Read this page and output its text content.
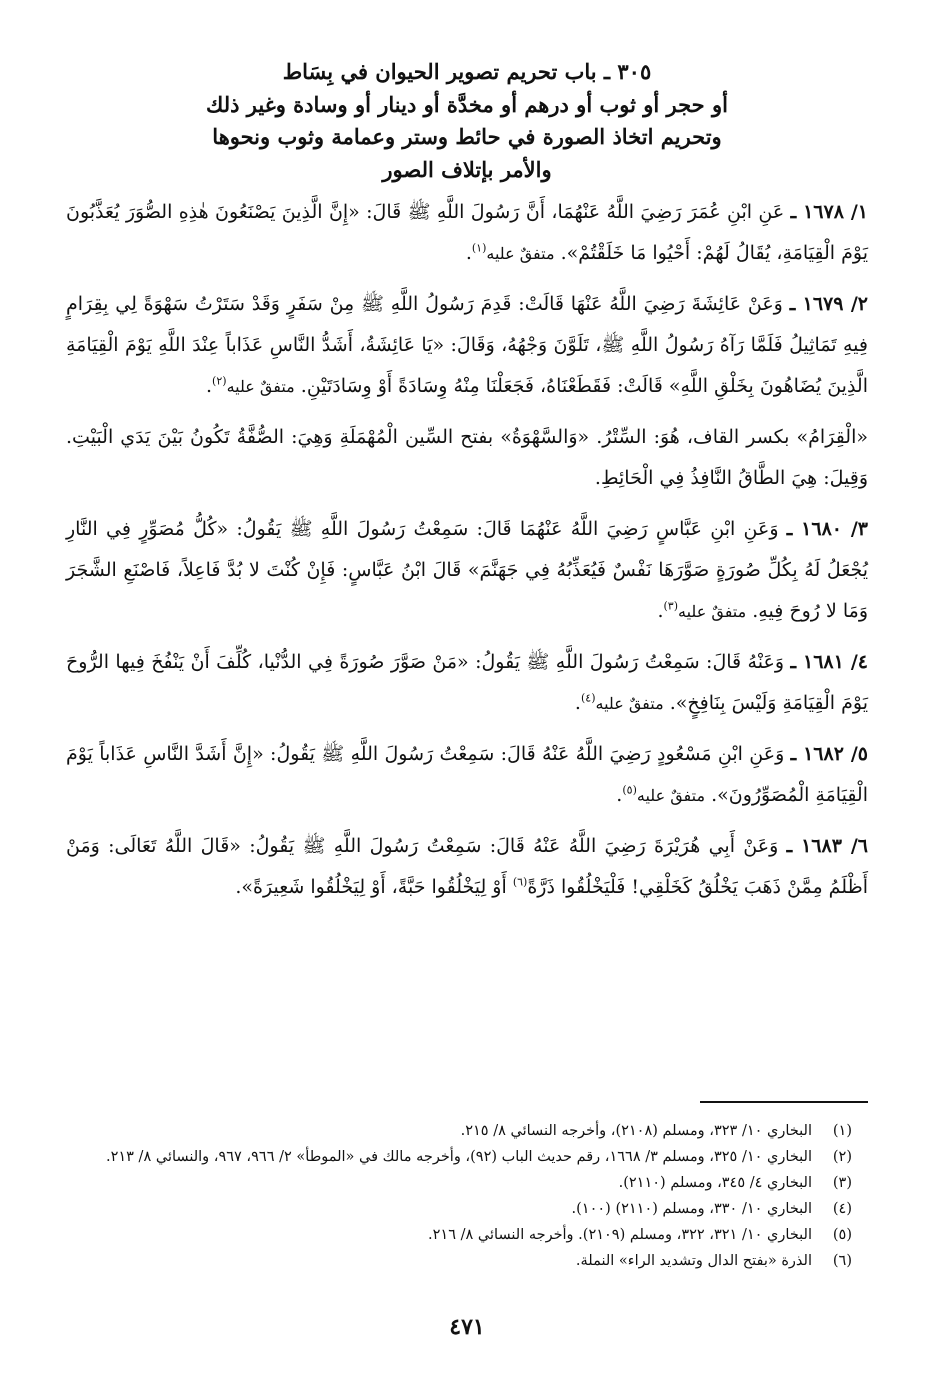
٣٠٥ ـ باب تحريم تصوير الحيوان في بِسَاط
أو حجر أو ثوب أو درهم أو مخدَّة أو دينار أو وسادة وغير ذلك
وتحريم اتخاذ الصورة في حائط وستر وعمامة وثوب ونحوها
والأمر بإتلاف الصور

١/ ١٦٧٨ ـ عَنِ ابْنِ عُمَرَ رَضِيَ اللَّهُ عَنْهُمَا، أَنَّ رَسُولَ اللَّهِ ﷺ قَالَ: «إِنَّ الَّذِينَ يَصْنَعُونَ هٰذِهِ الصُّوَرَ يُعَذَّبُونَ يَوْمَ الْقِيَامَةِ، يُقَالُ لَهُمْ: أَحْيُوا مَا خَلَقْتُمْ». متفقٌ عليه$^{(١)}$.

٢/ ١٦٧٩ ـ وَعَنْ عَائِشَةَ رَضِيَ اللَّهُ عَنْهَا قَالَتْ: قَدِمَ رَسُولُ اللَّهِ ﷺ مِنْ سَفَرٍ وَقَدْ سَتَرْتُ سَهْوَةً لِي بِقِرَامٍ فِيهِ تَمَاثِيلُ فَلَمَّا رَآهُ رَسُولُ اللَّهِ ﷺ، تَلَوَّنَ وَجْهُهُ، وَقَالَ: «يَا عَائِشَةُ، أَشَدُّ النَّاسِ عَذَاباً عِنْدَ اللَّهِ يَوْمَ الْقِيَامَةِ الَّذِينَ يُضَاهُونَ بِخَلْقِ اللَّهِ» قَالَتْ: فَقَطَعْنَاهُ، فَجَعَلْنَا مِنْهُ وِسَادَةً أَوْ وِسَادَتَيْنِ. متفقٌ عليه$^{(٢)}$.

«الْقِرَامُ» بكسر القاف، هُوَ: السِّتْرُ. «وَالسَّهْوَةُ» بفتح السِّين الْمُهْمَلَةِ وَهِيَ: الصُّفَّةُ تَكُونُ بَيْنَ يَدَي الْبَيْتِ. وَقِيلَ: هِيَ الطَّاقُ النَّافِذُ فِي الْحَائِطِ.

٣/ ١٦٨٠ ـ وَعَنِ ابْنِ عَبَّاسٍ رَضِيَ اللَّهُ عَنْهُمَا قَالَ: سَمِعْتُ رَسُولَ اللَّهِ ﷺ يَقُولُ: «كُلُّ مُصَوِّرٍ فِي النَّارِ يُجْعَلُ لَهُ بِكُلِّ صُورَةٍ صَوَّرَهَا نَفْسٌ فَيُعَذِّبُهُ فِي جَهَنَّمَ» قَالَ ابْنُ عَبَّاسٍ: فَإِنْ كُنْتَ لا بُدَّ فَاعِلاً، فَاصْنَعِ الشَّجَرَ وَمَا لا رُوحَ فِيهِ. متفقٌ عليه$^{(٣)}$.

٤/ ١٦٨١ ـ وَعَنْهُ قَالَ: سَمِعْتُ رَسُولَ اللَّهِ ﷺ يَقُولُ: «مَنْ صَوَّرَ صُورَةً فِي الدُّنْيا، كُلِّفَ أَنْ يَنْفُخَ فِيها الرُّوحَ يَوْمَ الْقِيَامَةِ وَلَيْسَ بِنَافِخٍ». متفقٌ عليه$^{(٤)}$.

٥/ ١٦٨٢ ـ وَعَنِ ابْنِ مَسْعُودٍ رَضِيَ اللَّهُ عَنْهُ قَالَ: سَمِعْتُ رَسُولَ اللَّهِ ﷺ يَقُولُ: «إِنَّ أَشَدَّ النَّاسِ عَذَاباً يَوْمَ الْقِيَامَةِ الْمُصَوِّرُونَ». متفقٌ عليه$^{(٥)}$.

٦/ ١٦٨٣ ـ وَعَنْ أَبِي هُرَيْرَةَ رَضِيَ اللَّهُ عَنْهُ قَالَ: سَمِعْتُ رَسُولَ اللَّهِ ﷺ يَقُولُ: «قَالَ اللَّهُ تَعَالَى: وَمَنْ أَظْلَمُ مِمَّنْ ذَهَبَ يَخْلُقُ كَخَلْقِي! فَلْيَخْلُقُوا ذَرَّةً$^{(٦)}$ أَوْ لِيَخْلُقُوا حَبَّةً، أَوْ لِيَخْلُقُوا شَعِيرَةً».

(١)
البخاري ١٠/ ٣٢٣، ومسلم (٢١٠٨)، وأخرجه النسائي ٨/ ٢١٥.
(٢)
البخاري ١٠/ ٣٢٥، ومسلم ٣/ ١٦٦٨، رقم حديث الباب (٩٢)، وأخرجه مالك في «الموطأ» ٢/ ٩٦٦، ٩٦٧، والنسائي ٨/ ٢١٣.
(٣)
البخاري ٤/ ٣٤٥، ومسلم (٢١١٠).
(٤)
البخاري ١٠/ ٣٣٠، ومسلم (٢١١٠) (١٠٠).
(٥)
البخاري ١٠/ ٣٢١، ٣٢٢، ومسلم (٢١٠٩). وأخرجه النسائي ٨/ ٢١٦.
(٦)
الذرة «بفتح الدال وتشديد الراء» النملة.
٤٧١
